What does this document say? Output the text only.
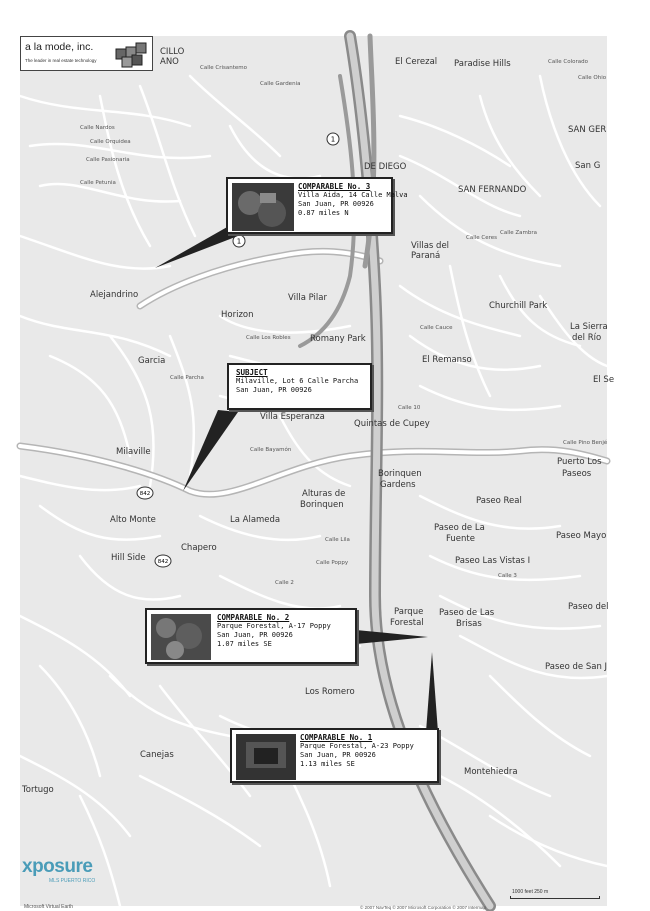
El Cerezal Paradise Hills
CILLO
ANO
DE DIEGO
SAN FERNANDO
SAN GER
San G
Villas del
Paraná
Alejandrino	Villa Pilar
Horizon
Churchill Park
La Sierra
del Río
Romany Park
Garcia	El Remanso
El Se
Villa Esperanza
Quintas de Cupey
Puerto Los
Paseos
Milaville
Borinquen
Gardens
Alturas de
Borinquen	Paseo Real
Alto Monte	La Alameda
Paseo de La
Fuente	Paseo Mayo
Hill Side
Chapero
Paseo Las Vistas I
Parque
Forestal
Paseo de Las
Brisas
Paseo del
Paseo de San J
Los Romero
Canejas
Tortugo
Montehiedra
Calle Crisantemo
Calle Gardenia
Calle Nardos
Calle Orquidea
Calle Pasionaria
Calle Petunia
Calle Parcha
Calle Bayamón
Calle 2
Calle 3
Calle Poppy
Calle Los Robles
Calle Zambra
Calle Ceres
Calle Colorado
Calle Ohio
Calle Pino Benjé
Calle Lila
Calle 10
Calle Cauce
1
1
842
842
a la mode, inc.
The leader in real estate technology
COMPARABLE No. 3
Villa Aida, 14 Calle Malva
San Juan, PR 00926
0.87 miles N
SUBJECT
Milaville, Lot 6 Calle Parcha
San Juan, PR 00926
COMPARABLE No. 2
Parque Forestal, A-17 Poppy
San Juan, PR 00926
1.07 miles SE
COMPARABLE No. 1
Parque Forestal, A-23 Poppy
San Juan, PR 00926
1.13 miles SE
xposure
MLS PUERTO RICO
1000 feet 250 m
Microsoft Virtual Earth	© 2007 NavTeq © 2007 Microsoft Corporation © 2007 Intermap
